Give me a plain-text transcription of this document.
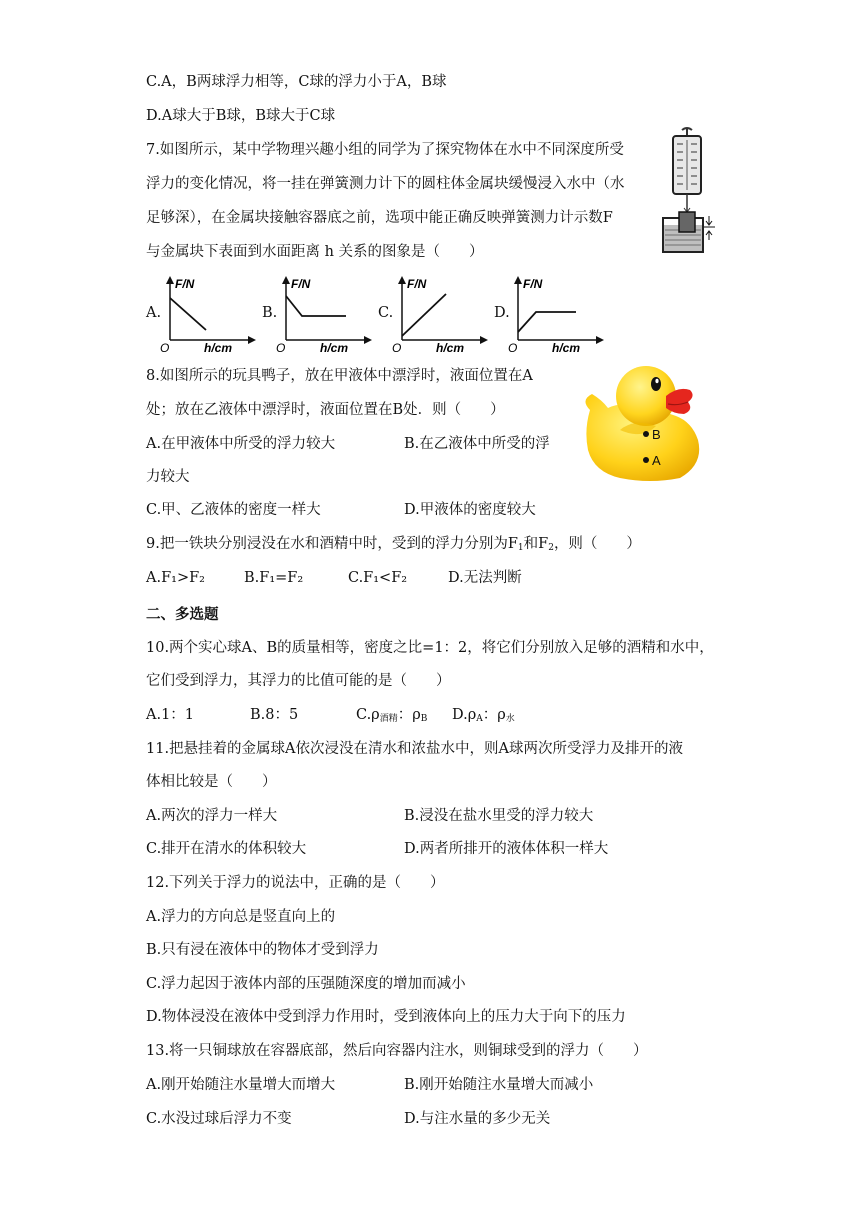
C.A，B两球浮力相等，C球的浮力小于A，B球
D.A球大于B球，B球大于C球
7.如图所示，某中学物理兴趣小组的同学为了探究物体在水中不同深度所受
浮力的变化情况，将一挂在弹簧测力计下的圆柱体金属块缓慢浸入水中（水
足够深），在金属块接触容器底之前，选项中能正确反映弹簧测力计示数F
与金属块下表面到水面距离 h 关系的图象是（　　）
A.
F/N
O	h/cm
B.
F/N
O	h/cm
C.
F/N
O	h/cm
D.
F/N
O	h/cm
8.如图所示的玩具鸭子，放在甲液体中漂浮时，液面位置在A
处；放在乙液体中漂浮时，液面位置在B处．则（　　）
A.在甲液体中所受的浮力较大	B.在乙液体中所受的浮
力较大
C.甲、乙液体的密度一样大	D.甲液体的密度较大
B
A
9.把一铁块分别浸没在水和酒精中时，受到的浮力分别为$F_1$和$F_2$，则（　　）
A.F₁>F₂	B.F₁=F₂	C.F₁<F₂	D.无法判断
二、多选题
10.两个实心球A、B的质量相等，密度之比=1：2，将它们分别放入足够的酒精和水中，
它们受到浮力，其浮力的比值可能的是（　　）
A.1：1	B.8：5	$C.\rho_{酒精}$：$\rho_B$ $D.\rho_A$：$\rho_水$
11.把悬挂着的金属球A依次浸没在清水和浓盐水中，则A球两次所受浮力及排开的液
体相比较是（　　）
A.两次的浮力一样大	B.浸没在盐水里受的浮力较大
C.排开在清水的体积较大	D.两者所排开的液体体积一样大
12.下列关于浮力的说法中，正确的是（　　）
A.浮力的方向总是竖直向上的
B.只有浸在液体中的物体才受到浮力
C.浮力起因于液体内部的压强随深度的增加而减小
D.物体浸没在液体中受到浮力作用时，受到液体向上的压力大于向下的压力
13.将一只铜球放在容器底部，然后向容器内注水，则铜球受到的浮力（　　）
A.刚开始随注水量增大而增大	B.刚开始随注水量增大而减小
C.水没过球后浮力不变	D.与注水量的多少无关
